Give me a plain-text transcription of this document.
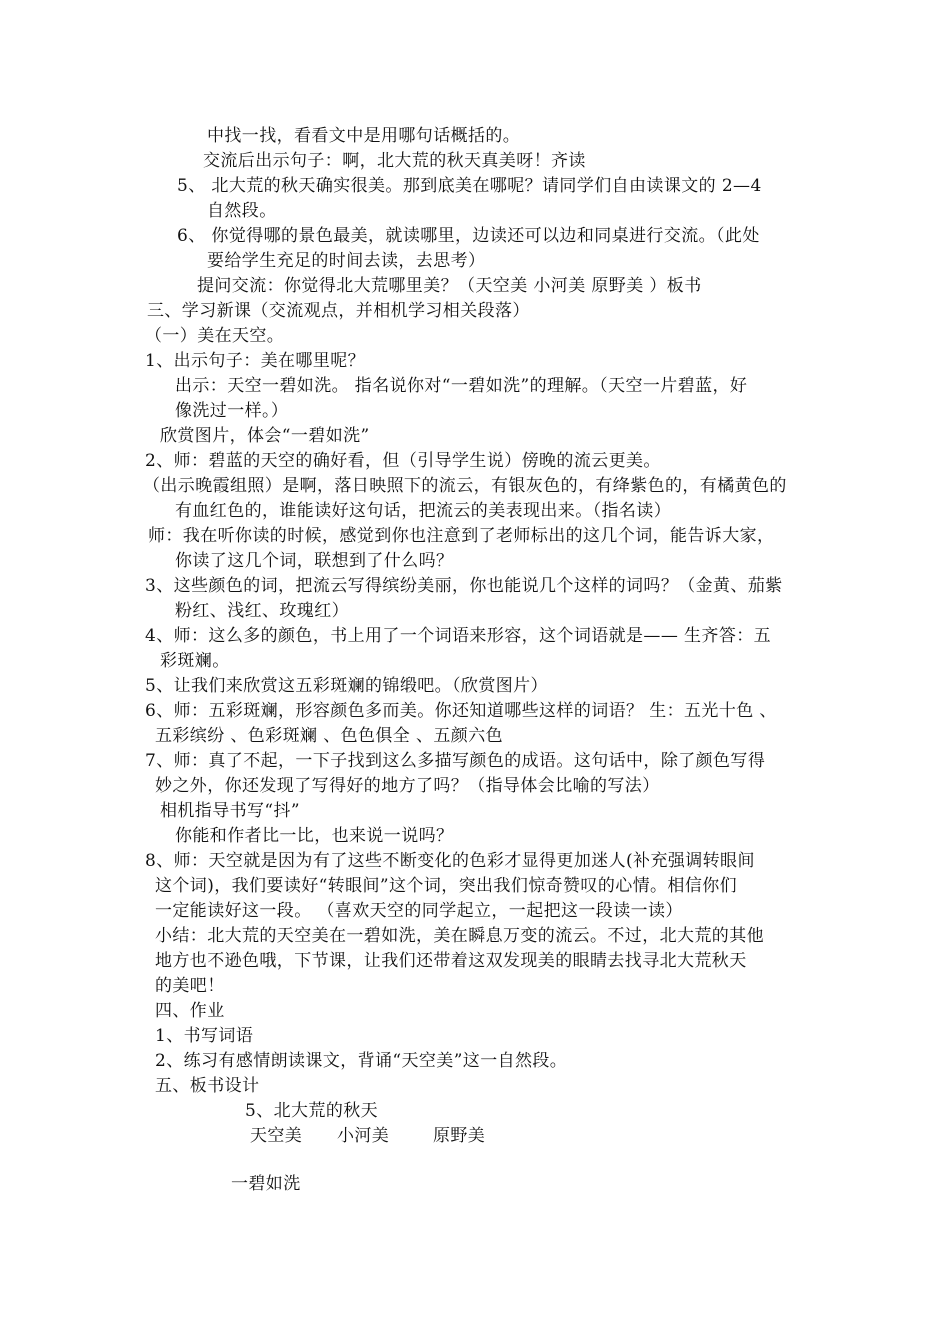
中找一找，看看文中是用哪句话概括的。
交流后出示句子：啊，北大荒的秋天真美呀！齐读
5、 北大荒的秋天确实很美。那到底美在哪呢？请同学们自由读课文的 2—4
自然段。
6、 你觉得哪的景色最美，就读哪里，边读还可以边和同桌进行交流。（此处
要给学生充足的时间去读，去思考）
提问交流：你觉得北大荒哪里美？（天空美 小河美 原野美 ）板书
三、学习新课（交流观点，并相机学习相关段落）
（一）美在天空。
1、出示句子：美在哪里呢？
出示：天空一碧如洗。 指名说你对“一碧如洗”的理解。（天空一片碧蓝，好
像洗过一样。）
欣赏图片，体会“一碧如洗”
2、师：碧蓝的天空的确好看，但（引导学生说）傍晚的流云更美。
（出示晚霞组照）是啊，落日映照下的流云，有银灰色的，有绛紫色的，有橘黄色的
有血红色的，谁能读好这句话，把流云的美表现出来。（指名读）
师：我在听你读的时候，感觉到你也注意到了老师标出的这几个词，能告诉大家，
你读了这几个词，联想到了什么吗？
3、这些颜色的词，把流云写得缤纷美丽，你也能说几个这样的词吗？（金黄、茄紫
粉红、浅红、玫瑰红）
4、师：这么多的颜色，书上用了一个词语来形容，这个词语就是—— 生齐答：五
彩斑斓。
5、让我们来欣赏这五彩斑斓的锦缎吧。（欣赏图片）
6、师：五彩斑斓，形容颜色多而美。你还知道哪些这样的词语？ 生：五光十色 、
五彩缤纷 、色彩斑斓 、色色俱全 、五颜六色
7、师：真了不起，一下子找到这么多描写颜色的成语。这句话中，除了颜色写得
妙之外，你还发现了写得好的地方了吗？（指导体会比喻的写法）
相机指导书写“抖”
你能和作者比一比，也来说一说吗？
8、师：天空就是因为有了这些不断变化的色彩才显得更加迷人(补充强调转眼间
这个词)，我们要读好“转眼间”这个词，突出我们惊奇赞叹的心情。相信你们
一定能读好这一段。 （喜欢天空的同学起立，一起把这一段读一读）
小结：北大荒的天空美在一碧如洗，美在瞬息万变的流云。不过，北大荒的其他
地方也不逊色哦，下节课，让我们还带着这双发现美的眼睛去找寻北大荒秋天
的美吧！
四、作业
1、书写词语
2、练习有感情朗读课文，背诵“天空美”这一自然段。
五、板书设计
5、北大荒的秋天
天空美 小河美	原野美
一碧如洗
